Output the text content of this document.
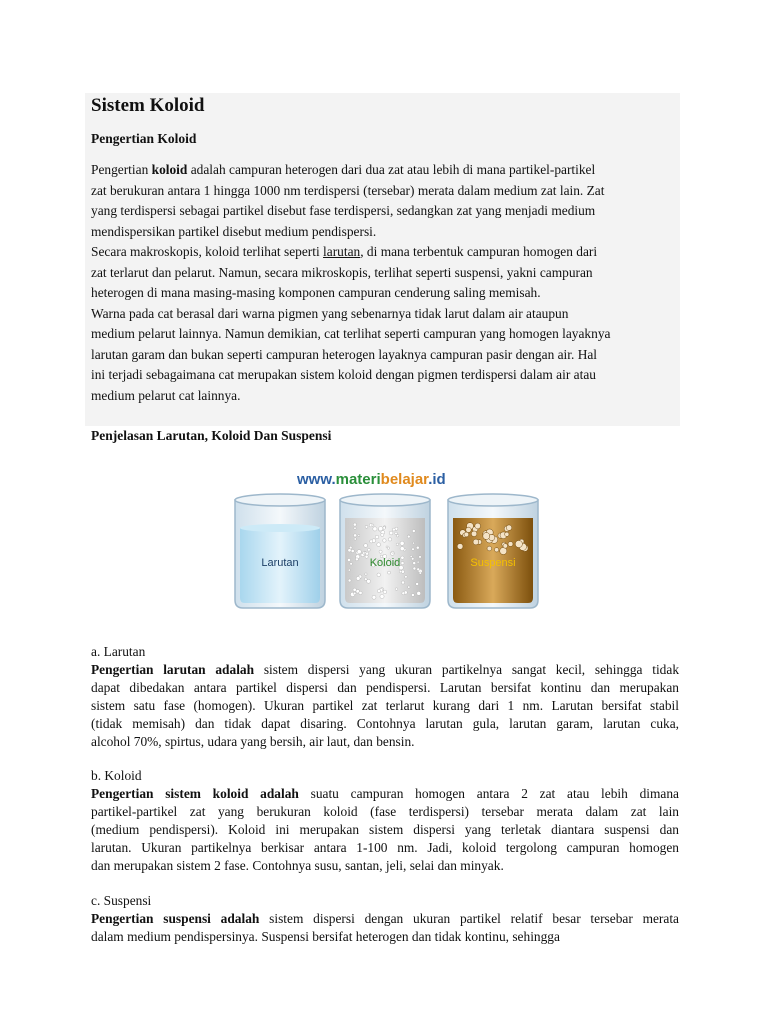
Sistem Koloid
Pengertian Koloid
Pengertian koloid adalah campuran heterogen dari dua zat atau lebih di mana partikel-partikel
zat berukuran antara 1 hingga 1000 nm terdispersi (tersebar) merata dalam medium zat lain. Zat
yang terdispersi sebagai partikel disebut fase terdispersi, sedangkan zat yang menjadi medium
mendispersikan partikel disebut medium pendispersi.
Secara makroskopis, koloid terlihat seperti larutan, di mana terbentuk campuran homogen dari
zat terlarut dan pelarut. Namun, secara mikroskopis, terlihat seperti suspensi, yakni campuran
heterogen di mana masing-masing komponen campuran cenderung saling memisah.
Warna pada cat berasal dari warna pigmen yang sebenarnya tidak larut dalam air ataupun
medium pelarut lainnya. Namun demikian, cat terlihat seperti campuran yang homogen layaknya
larutan garam dan bukan seperti campuran heterogen layaknya campuran pasir dengan air. Hal
ini terjadi sebagaimana cat merupakan sistem koloid dengan pigmen terdispersi dalam air atau
medium pelarut cat lainnya.
Penjelasan Larutan, Koloid Dan Suspensi
www.materibelajar.id
Larutan	Koloid	Suspensi
a. Larutan
Pengertian larutan adalah sistem dispersi yang ukuran partikelnya sangat kecil, sehingga tidak
dapat dibedakan antara partikel dispersi dan pendispersi. Larutan bersifat kontinu dan merupakan
sistem satu fase (homogen). Ukuran partikel zat terlarut kurang dari 1 nm. Larutan bersifat stabil
(tidak memisah) dan tidak dapat disaring. Contohnya larutan gula, larutan garam, larutan cuka,
alcohol 70%, spirtus, udara yang bersih, air laut, dan bensin.
b. Koloid
Pengertian sistem koloid adalah suatu campuran homogen antara 2 zat atau lebih dimana
partikel-partikel zat yang berukuran koloid (fase terdispersi) tersebar merata dalam zat lain
(medium pendispersi). Koloid ini merupakan sistem dispersi yang terletak diantara suspensi dan
larutan. Ukuran partikelnya berkisar antara 1-100 nm. Jadi, koloid tergolong campuran homogen
dan merupakan sistem 2 fase. Contohnya susu, santan, jeli, selai dan minyak.
c. Suspensi
Pengertian suspensi adalah sistem dispersi dengan ukuran partikel relatif besar tersebar merata
dalam medium pendispersinya. Suspensi bersifat heterogen dan tidak kontinu, sehingga
